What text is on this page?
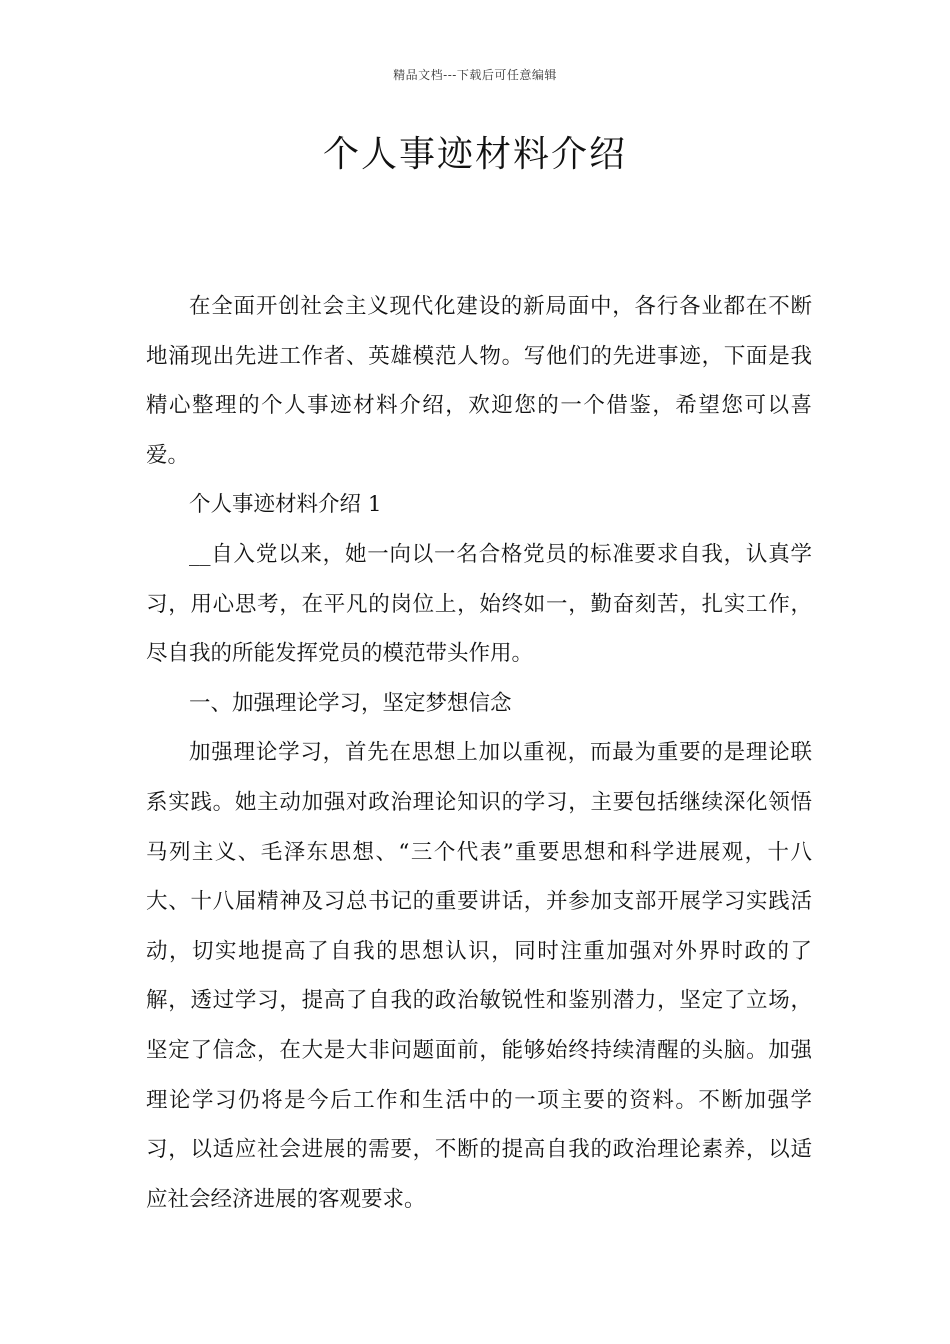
精品文档---下载后可任意编辑
个人事迹材料介绍

在全面开创社会主义现代化建设的新局面中，各行各业都在不断地涌现出先进工作者、英雄模范人物。写他们的先进事迹，下面是我精心整理的个人事迹材料介绍，欢迎您的一个借鉴，希望您可以喜爱。

个人事迹材料介绍 1

__自入党以来，她一向以一名合格党员的标准要求自我，认真学习，用心思考，在平凡的岗位上，始终如一，勤奋刻苦，扎实工作，尽自我的所能发挥党员的模范带头作用。

一、加强理论学习，坚定梦想信念

加强理论学习，首先在思想上加以重视，而最为重要的是理论联系实践。她主动加强对政治理论知识的学习，主要包括继续深化领悟马列主义、毛泽东思想、“三个代表”重要思想和科学进展观，十八大、十八届精神及习总书记的重要讲话，并参加支部开展学习实践活动，切实地提高了自我的思想认识，同时注重加强对外界时政的了解，透过学习，提高了自我的政治敏锐性和鉴别潜力，坚定了立场，坚定了信念，在大是大非问题面前，能够始终持续清醒的头脑。加强理论学习仍将是今后工作和生活中的一项主要的资料。不断加强学习，以适应社会进展的需要，不断的提高自我的政治理论素养，以适应社会经济进展的客观要求。
